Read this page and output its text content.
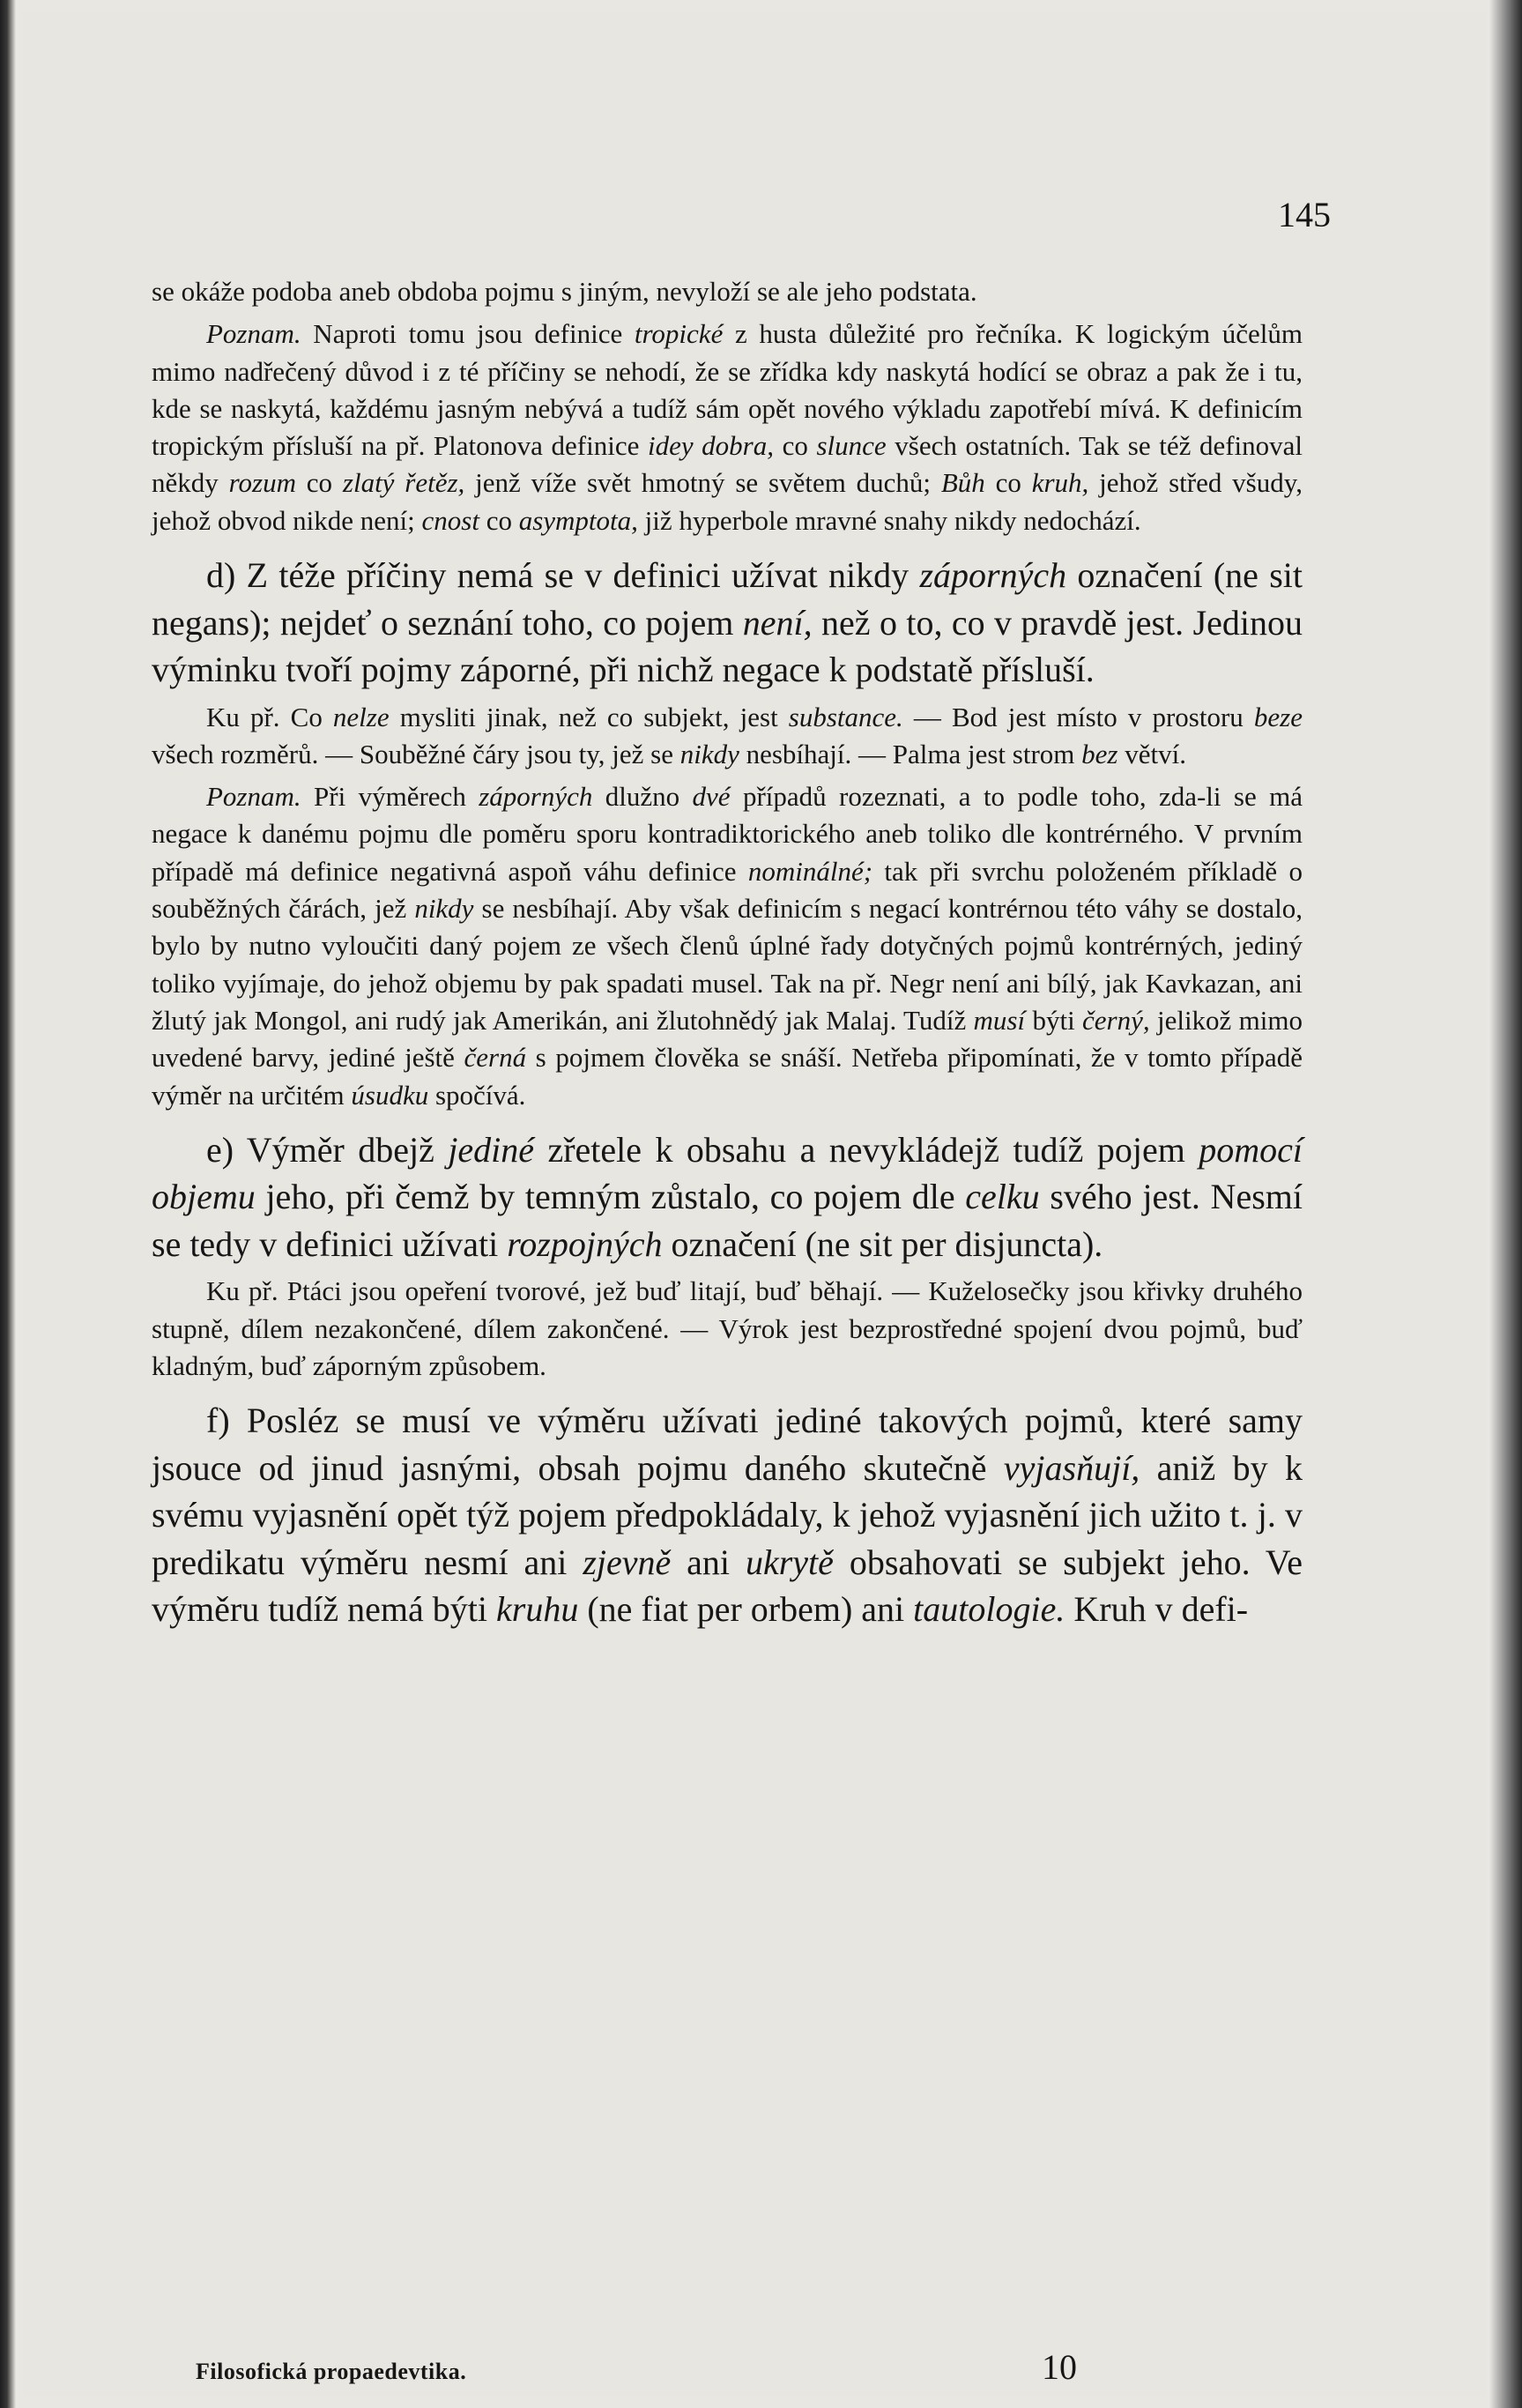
145

se okáže podoba aneb obdoba pojmu s jiným, nevyloží se ale jeho podstata.

Poznam. Naproti tomu jsou definice tropické z husta důležité pro řečníka. K logickým účelům mimo nadřečený důvod i z té příčiny se nehodí, že se zřídka kdy naskytá hodící se obraz a pak že i tu, kde se naskytá, každému jasným nebývá a tudíž sám opět nového výkladu zapotřebí mívá. K definicím tropickým přísluší na př. Platonova definice idey dobra, co slunce všech ostatních. Tak se též definoval někdy rozum co zlatý řetěz, jenž víže svět hmotný se světem duchů; Bůh co kruh, jehož střed všudy, jehož obvod nikde není; cnost co asymptota, již hyperbole mravné snahy nikdy nedochází.

d) Z téže příčiny nemá se v definici užívat nikdy záporných označení (ne sit negans); nejdeť o seznání toho, co pojem není, než o to, co v pravdě jest. Jedinou výminku tvoří pojmy záporné, při nichž negace k podstatě přísluší.

Ku př. Co nelze mysliti jinak, než co subjekt, jest substance. — Bod jest místo v prostoru beze všech rozměrů. — Souběžné čáry jsou ty, jež se nikdy nesbíhají. — Palma jest strom bez větví.

Poznam. Při výměrech záporných dlužno dvé případů rozeznati, a to podle toho, zda-li se má negace k danému pojmu dle poměru sporu kontradiktorického aneb toliko dle kontrérného. V prvním případě má definice negativná aspoň váhu definice nominálné; tak při svrchu položeném příkladě o souběžných čárách, jež nikdy se nesbíhají. Aby však definicím s negací kontrérnou této váhy se dostalo, bylo by nutno vyloučiti daný pojem ze všech členů úplné řady dotyčných pojmů kontrérných, jediný toliko vyjímaje, do jehož objemu by pak spadati musel. Tak na př. Negr není ani bílý, jak Kavkazan, ani žlutý jak Mongol, ani rudý jak Amerikán, ani žlutohnědý jak Malaj. Tudíž musí býti černý, jelikož mimo uvedené barvy, jediné ještě černá s pojmem člověka se snáší. Netřeba připomínati, že v tomto případě výměr na určitém úsudku spočívá.

e) Výměr dbejž jediné zřetele k obsahu a nevykládejž tudíž pojem pomocí objemu jeho, při čemž by temným zůstalo, co pojem dle celku svého jest. Nesmí se tedy v definici užívati rozpojných označení (ne sit per disjuncta).

Ku př. Ptáci jsou opeření tvorové, jež buď litají, buď běhají. — Kuželosečky jsou křivky druhého stupně, dílem nezakončené, dílem zakončené. — Výrok jest bezprostředné spojení dvou pojmů, buď kladným, buď záporným způsobem.

f) Posléz se musí ve výměru užívati jediné takových pojmů, které samy jsouce od jinud jasnými, obsah pojmu daného skutečně vyjasňují, aniž by k svému vyjasnění opět týž pojem předpokládaly, k jehož vyjasnění jich užito t. j. v predikatu výměru nesmí ani zjevně ani ukrytě obsahovati se subjekt jeho. Ve výměru tudíž nemá býti kruhu (ne fiat per orbem) ani tautologie. Kruh v defi-

Filosofická propaedevtika.	10
